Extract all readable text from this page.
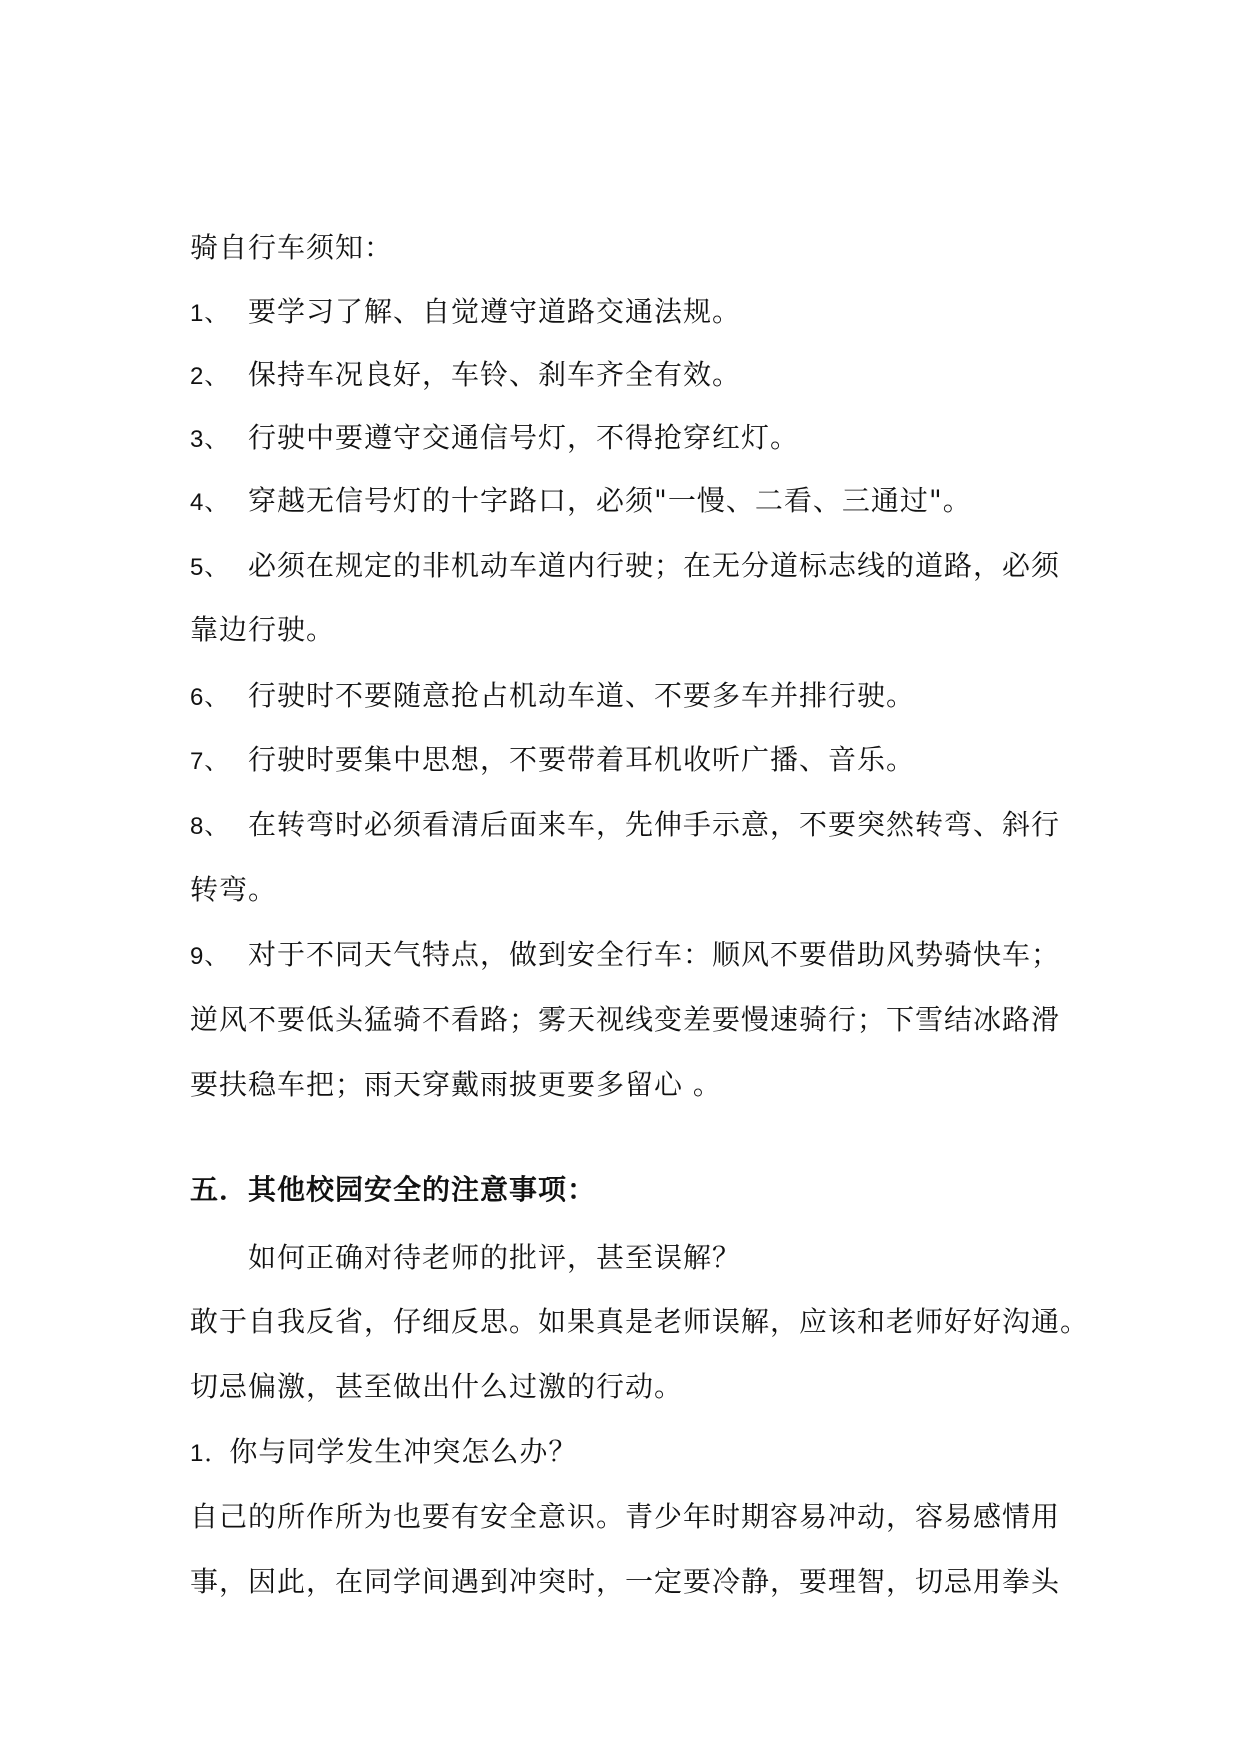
骑自行车须知：
1、 要学习了解、自觉遵守道路交通法规。
2、 保持车况良好，车铃、刹车齐全有效。
3、 行驶中要遵守交通信号灯，不得抢穿红灯。
4、 穿越无信号灯的十字路口，必须"一慢、二看、三通过"。
5、 必须在规定的非机动车道内行驶；在无分道标志线的道路，必须
靠边行驶。
6、 行驶时不要随意抢占机动车道、不要多车并排行驶。
7、 行驶时要集中思想，不要带着耳机收听广播、音乐。
8、 在转弯时必须看清后面来车，先伸手示意，不要突然转弯、斜行
转弯。
9、 对于不同天气特点，做到安全行车：顺风不要借助风势骑快车；
逆风不要低头猛骑不看路；雾天视线变差要慢速骑行；下雪结冰路滑
要扶稳车把；雨天穿戴雨披更要多留心 。
五．其他校园安全的注意事项：
如何正确对待老师的批评，甚至误解？
敢于自我反省，仔细反思。如果真是老师误解，应该和老师好好沟通。
切忌偏激，甚至做出什么过激的行动。
1．你与同学发生冲突怎么办？
自己的所作所为也要有安全意识。青少年时期容易冲动，容易感情用
事，因此，在同学间遇到冲突时，一定要冷静，要理智，切忌用拳头
